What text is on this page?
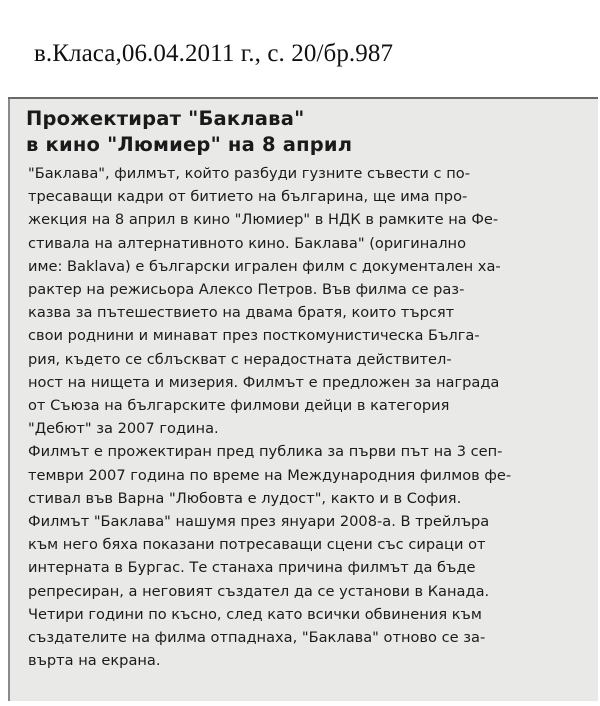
в.Класа,06.04.2011 г., с. 20/бр.987
Прожектират "Баклава"
в кино "Люмиер" на 8 април
"Баклава", филмът, който разбуди гузните съвести с по-
тресаващи кадри от битието на българина, ще има про-
жекция на 8 април в кино "Люмиер" в НДК в рамките на Фе-
стивала на алтернативното кино. Баклава" (оригинално
име: Baklava) е български игрален филм с документален ха-
рактер на режисьора Алексо Петров. Във филма се раз-
казва за пътешествието на двама братя, които търсят
свои роднини и минават през посткомунистическа Бълга-
рия, където се сблъскват с нерадостната действител-
ност на нищета и мизерия. Филмът е предложен за награда
от Съюза на българските филмови дейци в категория
"Дебют" за 2007 година.
Филмът е прожектиран пред публика за първи път на 3 сеп-
тември 2007 година по време на Международния филмов фе-
стивал във Варна "Любовта е лудост", както и в София.
Филмът "Баклава" нашумя през януари 2008-а. В трейлъра
към него бяха показани потресаващи сцени със сираци от
интерната в Бургас. Те станаха причина филмът да бъде
репресиран, а неговият създател да се установи в Канада.
Четири години по късно, след като всички обвинения към
създателите на филма отпаднаха, "Баклава" отново се за-
върта на екрана.
